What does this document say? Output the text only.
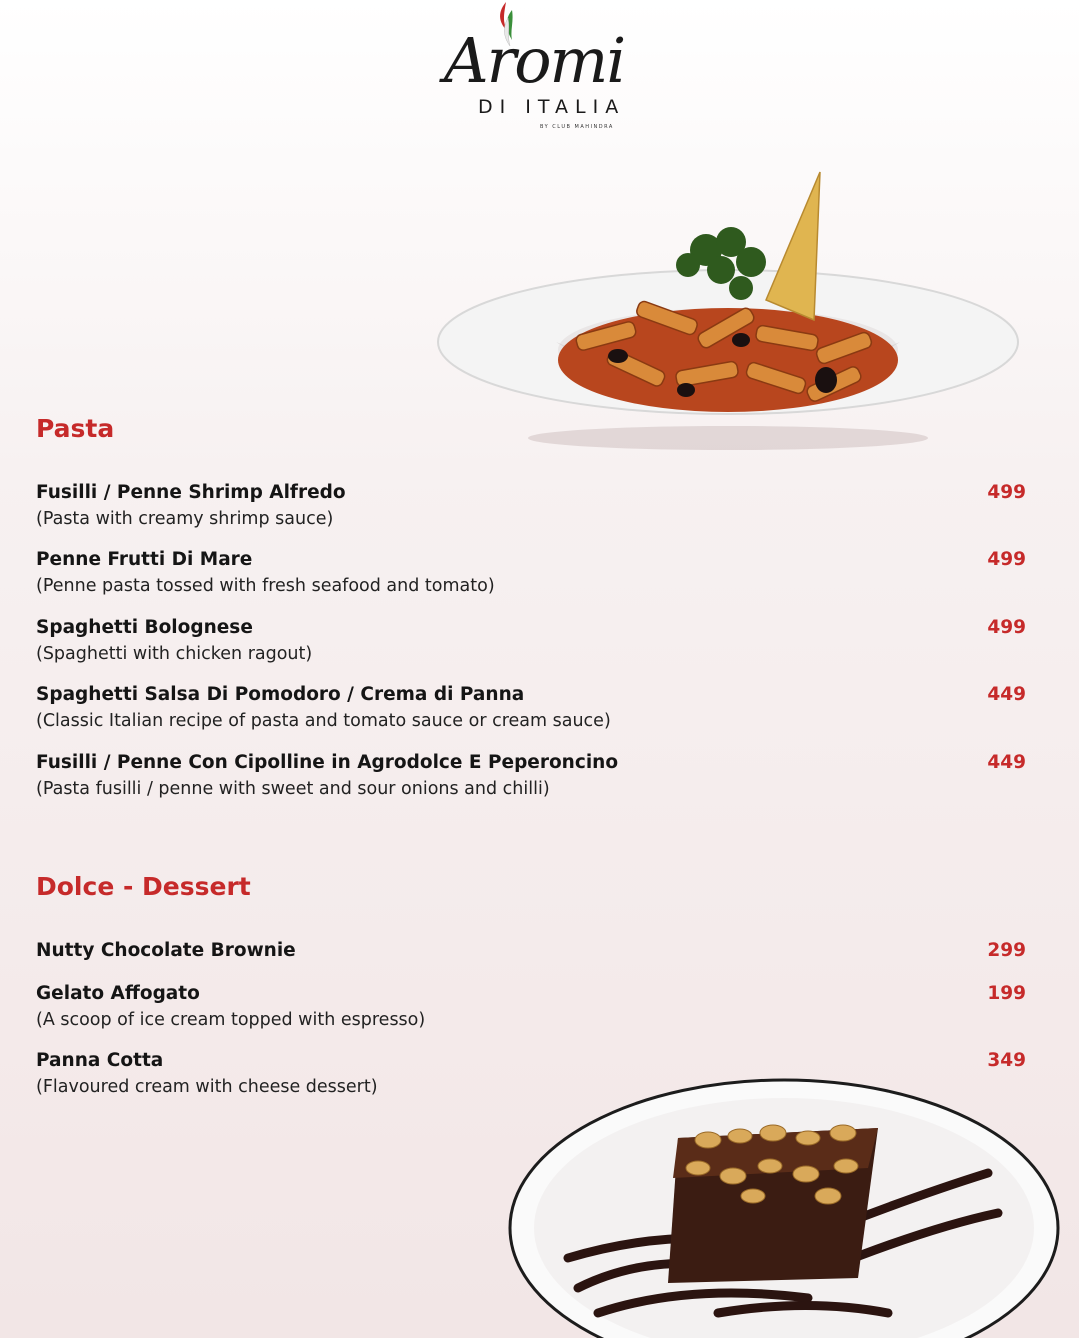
Aromi
DI ITALIA
BY CLUB MAHINDRA
Pasta
Fusilli / Penne Shrimp Alfredo
(Pasta with creamy shrimp sauce)
499
Penne Frutti Di Mare
(Penne pasta tossed with fresh seafood and tomato)
499
Spaghetti Bolognese
(Spaghetti with chicken ragout)
499
Spaghetti Salsa Di Pomodoro / Crema di Panna
(Classic Italian recipe of pasta and tomato sauce or cream sauce)
449
Fusilli / Penne Con Cipolline in Agrodolce E Peperoncino
(Pasta fusilli / penne with sweet and sour onions and chilli)
449
Dolce - Dessert
Nutty Chocolate Brownie	299
Gelato Affogato
(A scoop of ice cream topped with espresso)
199
Panna Cotta
(Flavoured cream with cheese dessert)
349
